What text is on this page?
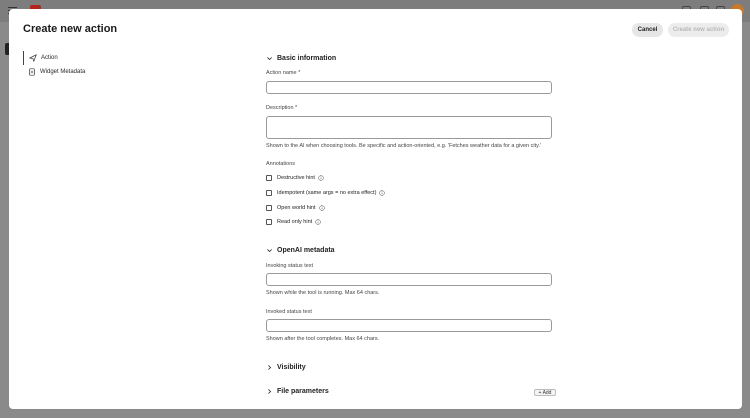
Create new action	Cancel	Create new action
Action
Widget Metadata
Basic information
Action name *
Description *
Shown to the AI when choosing tools. Be specific and action-oriented, e.g. 'Fetches weather data for a given city.'
Annotations
Destructive hint
Idempotent (same args = no extra effect)
Open world hint
Read only hint
OpenAI metadata
Invoking status text
Shown while the tool is running. Max 64 chars.
Invoked status text
Shown after the tool completes. Max 64 chars.
Visibility
File parameters	+ Add
